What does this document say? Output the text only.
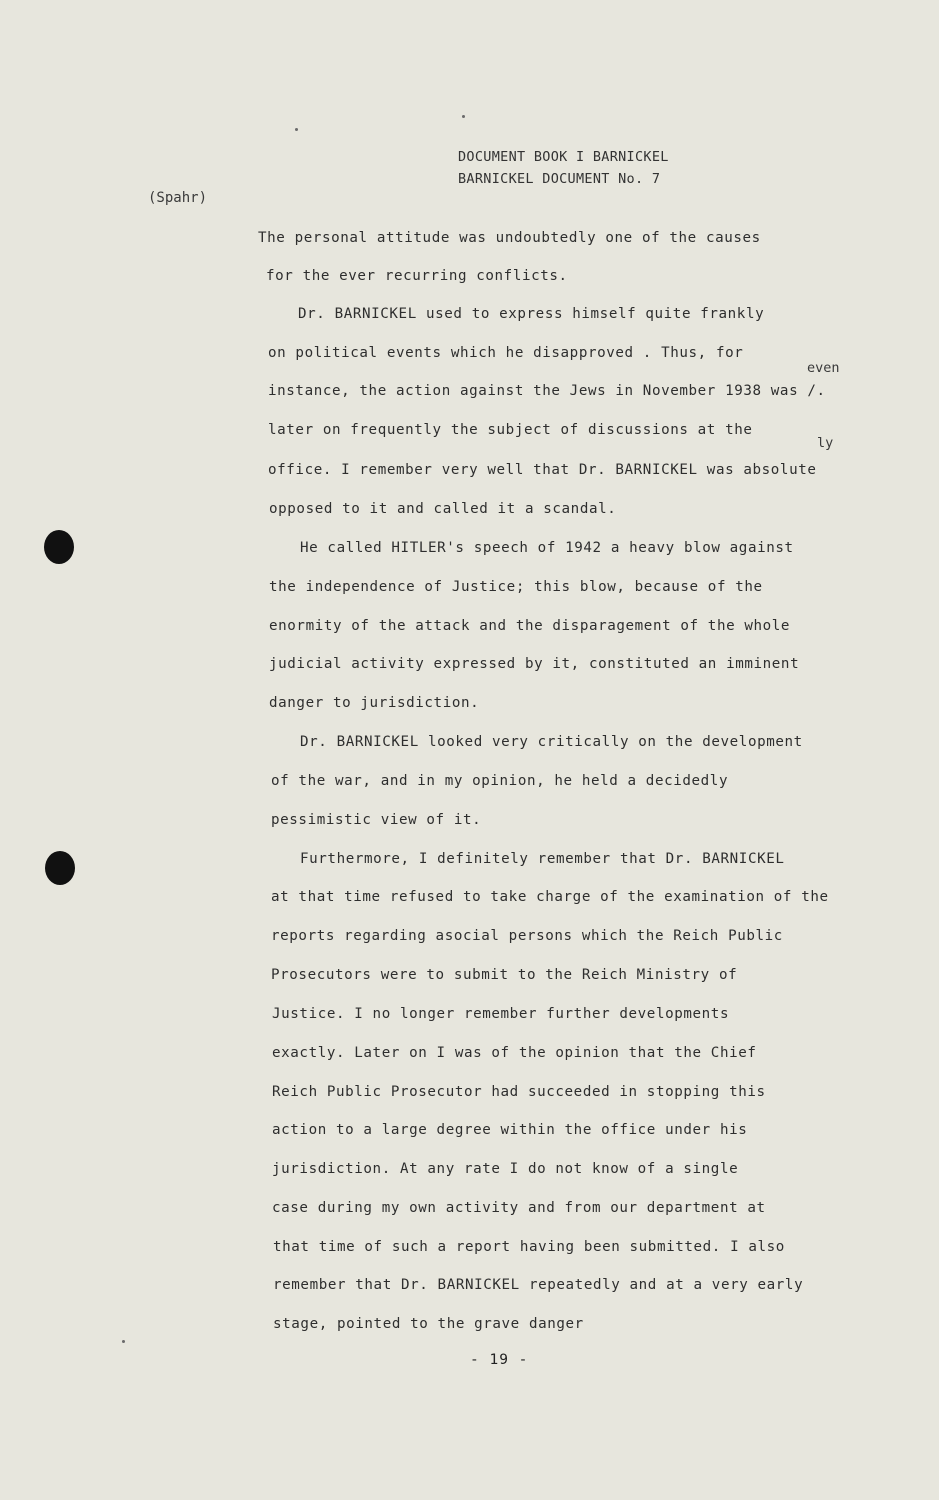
DOCUMENT BOOK I BARNICKEL
BARNICKEL DOCUMENT No. 7
(Spahr)
The personal attitude was undoubtedly one of the causes
for the ever recurring conflicts.
Dr. BARNICKEL used to express himself quite frankly
on political events which he disapproved . Thus, for
even
instance, the action against the Jews in November 1938 was /.
later on frequently the subject of discussions at the
ly
office. I remember very well that Dr. BARNICKEL was absolute
opposed to it and called it a scandal.
He called HITLER's speech of 1942 a heavy blow against
the independence of Justice; this blow, because of the
enormity of the attack and the disparagement of the whole
judicial activity expressed by it, constituted an imminent
danger to jurisdiction.
Dr. BARNICKEL looked very critically on the development
of the war, and in my opinion, he held a decidedly
pessimistic view of it.
Furthermore, I definitely remember that Dr. BARNICKEL
at that time refused to take charge of the examination of the
reports regarding asocial persons which the Reich Public
Prosecutors were to submit to the Reich Ministry of
Justice. I no longer remember further developments
exactly. Later on I was of the opinion that the Chief
Reich Public Prosecutor had succeeded in stopping this
action to a large degree within the office under his
jurisdiction. At any rate I do not know of a single
case during my own activity and from our department at
that time of such a report having been submitted. I also
remember that Dr. BARNICKEL repeatedly and at a very early
stage, pointed to the grave danger
- 19 -
